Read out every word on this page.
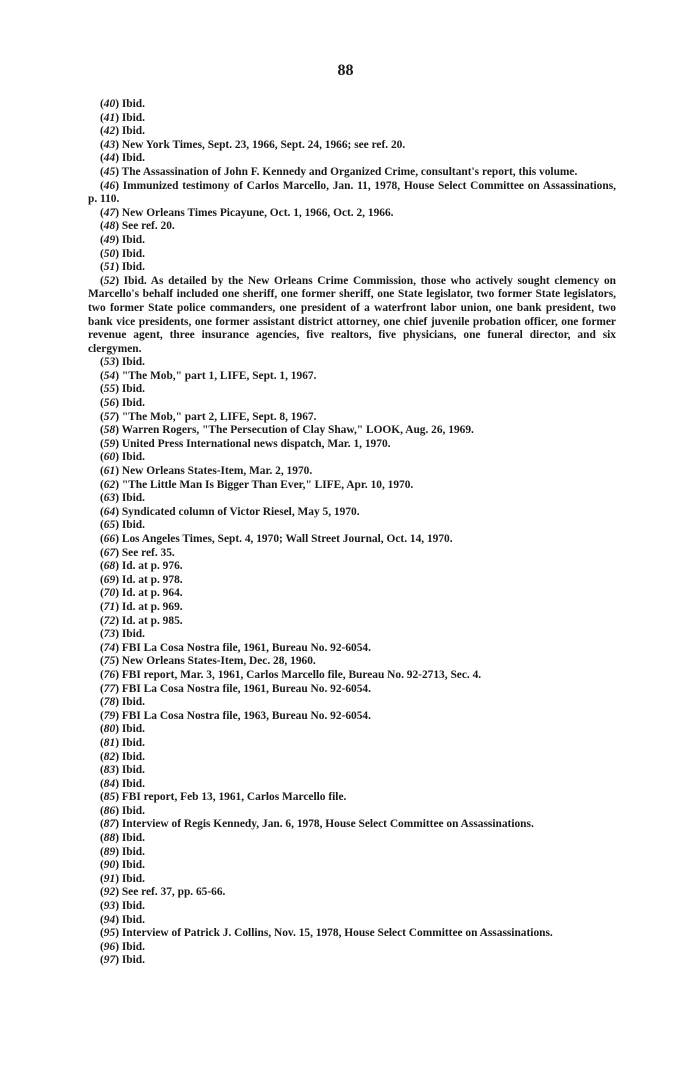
88

(40) Ibid.

(41) Ibid.

(42) Ibid.

(43) New York Times, Sept. 23, 1966, Sept. 24, 1966; see ref. 20.

(44) Ibid.

(45) The Assassination of John F. Kennedy and Organized Crime, consultant's report, this volume.

(46) Immunized testimony of Carlos Marcello, Jan. 11, 1978, House Select Committee on Assassinations, p. 110.

(47) New Orleans Times Picayune, Oct. 1, 1966, Oct. 2, 1966.

(48) See ref. 20.

(49) Ibid.

(50) Ibid.

(51) Ibid.

(52) Ibid. As detailed by the New Orleans Crime Commission, those who actively sought clemency on Marcello's behalf included one sheriff, one former sheriff, one State legislator, two former State legislators, two former State police commanders, one president of a waterfront labor union, one bank president, two bank vice presidents, one former assistant district attorney, one chief juvenile probation officer, one former revenue agent, three insurance agencies, five realtors, five physicians, one funeral director, and six clergymen.

(53) Ibid.

(54) "The Mob," part 1, LIFE, Sept. 1, 1967.

(55) Ibid.

(56) Ibid.

(57) "The Mob," part 2, LIFE, Sept. 8, 1967.

(58) Warren Rogers, "The Persecution of Clay Shaw," LOOK, Aug. 26, 1969.

(59) United Press International news dispatch, Mar. 1, 1970.

(60) Ibid.

(61) New Orleans States-Item, Mar. 2, 1970.

(62) "The Little Man Is Bigger Than Ever," LIFE, Apr. 10, 1970.

(63) Ibid.

(64) Syndicated column of Victor Riesel, May 5, 1970.

(65) Ibid.

(66) Los Angeles Times, Sept. 4, 1970; Wall Street Journal, Oct. 14, 1970.

(67) See ref. 35.

(68) Id. at p. 976.

(69) Id. at p. 978.

(70) Id. at p. 964.

(71) Id. at p. 969.

(72) Id. at p. 985.

(73) Ibid.

(74) FBI La Cosa Nostra file, 1961, Bureau No. 92-6054.

(75) New Orleans States-Item, Dec. 28, 1960.

(76) FBI report, Mar. 3, 1961, Carlos Marcello file, Bureau No. 92-2713, Sec. 4.

(77) FBI La Cosa Nostra file, 1961, Bureau No. 92-6054.

(78) Ibid.

(79) FBI La Cosa Nostra file, 1963, Bureau No. 92-6054.

(80) Ibid.

(81) Ibid.

(82) Ibid.

(83) Ibid.

(84) Ibid.

(85) FBI report, Feb 13, 1961, Carlos Marcello file.

(86) Ibid.

(87) Interview of Regis Kennedy, Jan. 6, 1978, House Select Committee on Assassinations.

(88) Ibid.

(89) Ibid.

(90) Ibid.

(91) Ibid.

(92) See ref. 37, pp. 65-66.

(93) Ibid.

(94) Ibid.

(95) Interview of Patrick J. Collins, Nov. 15, 1978, House Select Committee on Assassinations.

(96) Ibid.

(97) Ibid.
